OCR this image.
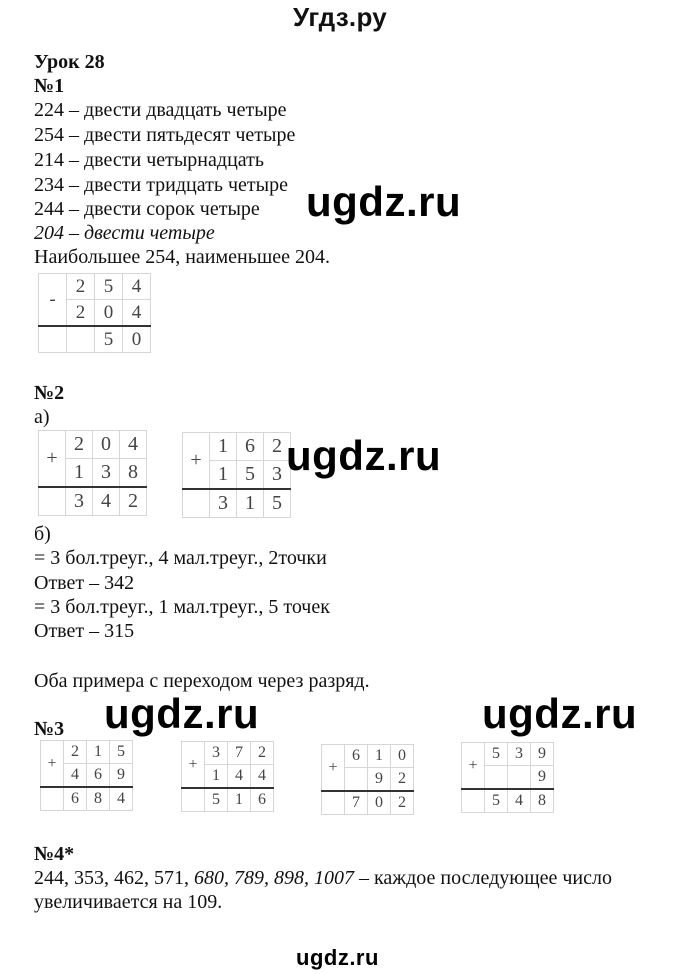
Угдз.ру
Урок 28
№1
224 – двести двадцать четыре
254 – двести пятьдесят четыре
214 – двести четырнадцать
234 – двести тридцать четыре
244 – двести сорок четыре
204 – двести четыре
Наибольшее 254, наименьшее 204.
ugdz.ru
-	2	5	4
	2	0	4
		5	0
№2
а)
+	2	0	4
	1	3	8
	3	4	2
+	1	6	2
	1	5	3
	3	1	5
ugdz.ru
б)
= 3 бол.треуг., 4 мал.треуг., 2точки
Ответ – 342
= 3 бол.треуг., 1 мал.треуг., 5 точек
Ответ – 315
Оба примера с переходом через разряд.
ugdz.ru	ugdz.ru
№3
+	2	1	5
	4	6	9
	6	8	4
+	3	7	2
	1	4	4
	5	1	6
+	6	1	0
		9	2
	7	0	2
+	5	3	9
			9
	5	4	8
№4*
244, 353, 462, 571, 680, 789, 898, 1007 – каждое последующее число
увеличивается на 109.
ugdz.ru
